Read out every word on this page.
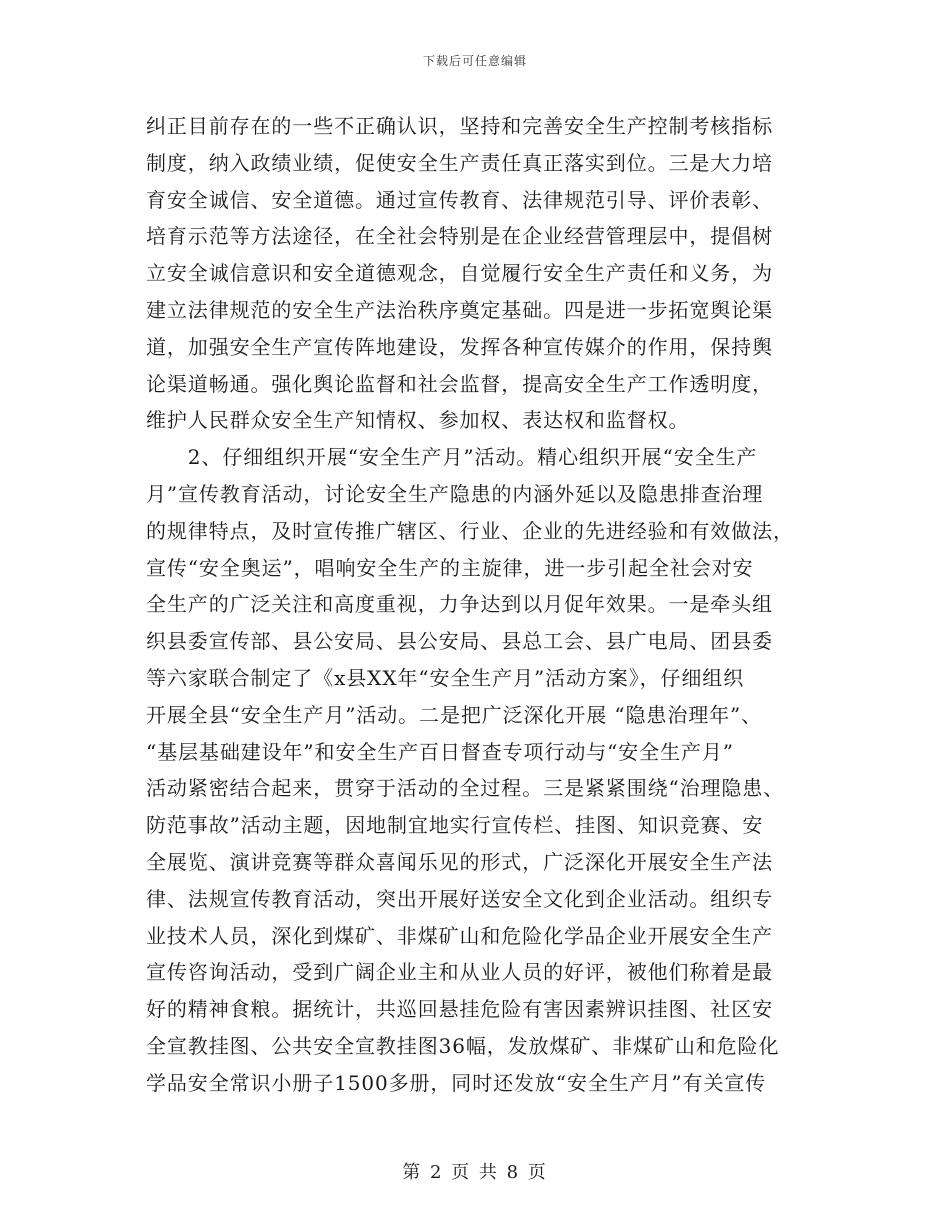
下载后可任意编辑
纠正目前存在的一些不正确认识，坚持和完善安全生产控制考核指标
制度，纳入政绩业绩，促使安全生产责任真正落实到位。三是大力培
育安全诚信、安全道德。通过宣传教育、法律规范引导、评价表彰、
培育示范等方法途径，在全社会特别是在企业经营管理层中，提倡树
立安全诚信意识和安全道德观念，自觉履行安全生产责任和义务，为
建立法律规范的安全生产法治秩序奠定基础。四是进一步拓宽舆论渠
道，加强安全生产宣传阵地建设，发挥各种宣传媒介的作用，保持舆
论渠道畅通。强化舆论监督和社会监督，提高安全生产工作透明度，
维护人民群众安全生产知情权、参加权、表达权和监督权。
　　2、仔细组织开展“安全生产月”活动。精心组织开展“安全生产
月”宣传教育活动，讨论安全生产隐患的内涵外延以及隐患排查治理
的规律特点，及时宣传推广辖区、行业、企业的先进经验和有效做法，
宣传“安全奥运”，唱响安全生产的主旋律，进一步引起全社会对安
全生产的广泛关注和高度重视，力争达到以月促年效果。一是牵头组
织县委宣传部、县公安局、县公安局、县总工会、县广电局、团县委
等六家联合制定了《x县XX年“安全生产月”活动方案》，仔细组织
开展全县“安全生产月”活动。二是把广泛深化开展 “隐患治理年”、
“基层基础建设年”和安全生产百日督查专项行动与“安全生产月”
活动紧密结合起来，贯穿于活动的全过程。三是紧紧围绕“治理隐患、
防范事故”活动主题，因地制宜地实行宣传栏、挂图、知识竞赛、安
全展览、演讲竞赛等群众喜闻乐见的形式，广泛深化开展安全生产法
律、法规宣传教育活动，突出开展好送安全文化到企业活动。组织专
业技术人员，深化到煤矿、非煤矿山和危险化学品企业开展安全生产
宣传咨询活动，受到广阔企业主和从业人员的好评，被他们称着是最
好的精神食粮。据统计，共巡回悬挂危险有害因素辨识挂图、社区安
全宣教挂图、公共安全宣教挂图36幅，发放煤矿、非煤矿山和危险化
学品安全常识小册子1500多册，同时还发放“安全生产月”有关宣传
第 2 页 共 8 页
